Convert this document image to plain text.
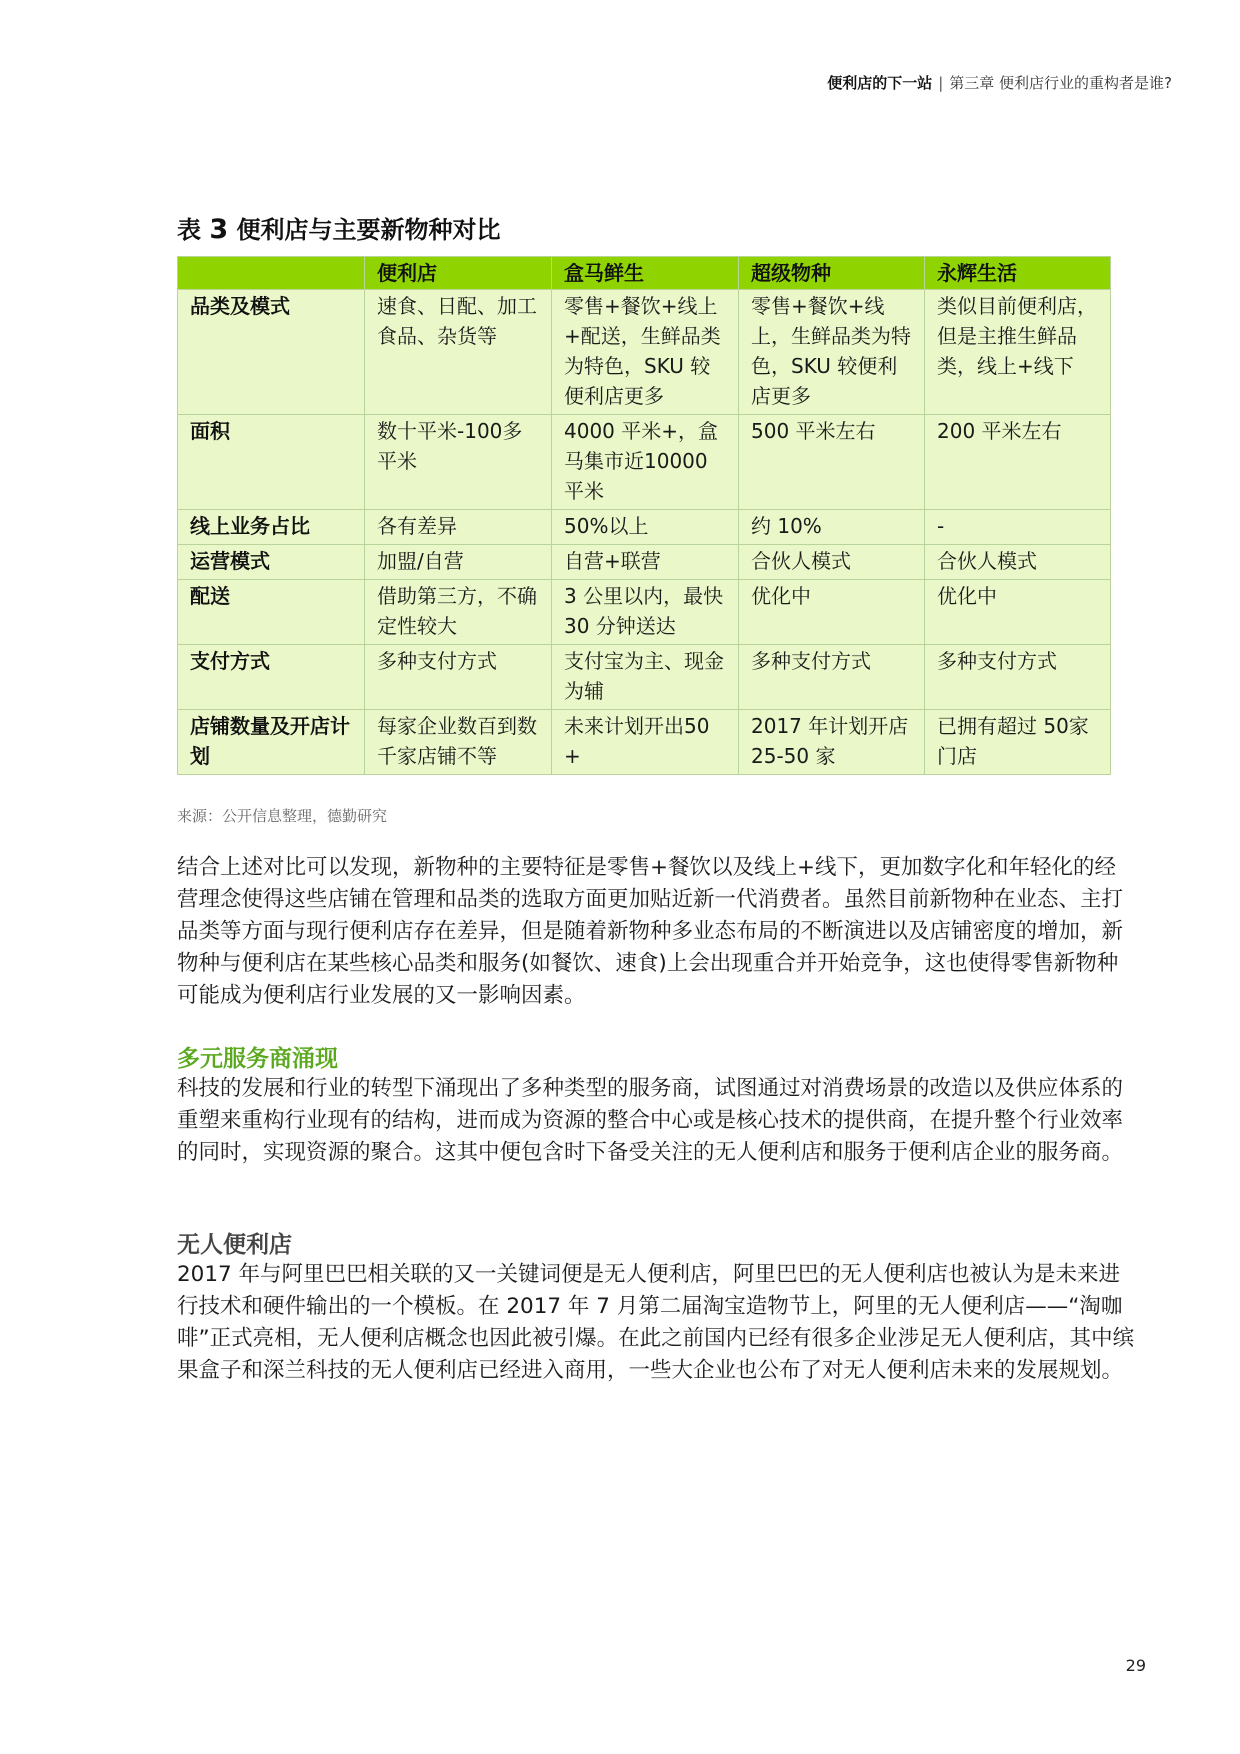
便利店的下一站 | 第三章 便利店行业的重构者是谁?
表 3 便利店与主要新物种对比
	便利店	盒马鲜生	超级物种	永辉生活
品类及模式	速食、日配、加工食品、杂货等	零售+餐饮+线上+配送，生鲜品类为特色，SKU 较便利店更多	零售+餐饮+线上，生鲜品类为特色，SKU 较便利店更多	类似目前便利店，但是主推生鲜品类，线上+线下
面积	数十平米-100多平米	4000 平米+，盒马集市近10000 平米	500 平米左右	200 平米左右
线上业务占比	各有差异	50%以上	约 10%	-
运营模式	加盟/自营	自营+联营	合伙人模式	合伙人模式
配送	借助第三方，不确定性较大	3 公里以内，最快 30 分钟送达	优化中	优化中
支付方式	多种支付方式	支付宝为主、现金为辅	多种支付方式	多种支付方式
店铺数量及开店计划	每家企业数百到数千家店铺不等	未来计划开出50+	2017 年计划开店 25-50 家	已拥有超过 50家门店
来源：公开信息整理，德勤研究

结合上述对比可以发现，新物种的主要特征是零售+餐饮以及线上+线下，更加数字化和年轻化的经营理念使得这些店铺在管理和品类的选取方面更加贴近新一代消费者。虽然目前新物种在业态、主打品类等方面与现行便利店存在差异，但是随着新物种多业态布局的不断演进以及店铺密度的增加，新物种与便利店在某些核心品类和服务(如餐饮、速食)上会出现重合并开始竞争，这也使得零售新物种可能成为便利店行业发展的又一影响因素。

多元服务商涌现

科技的发展和行业的转型下涌现出了多种类型的服务商，试图通过对消费场景的改造以及供应体系的重塑来重构行业现有的结构，进而成为资源的整合中心或是核心技术的提供商，在提升整个行业效率的同时，实现资源的聚合。这其中便包含时下备受关注的无人便利店和服务于便利店企业的服务商。

无人便利店

2017 年与阿里巴巴相关联的又一关键词便是无人便利店，阿里巴巴的无人便利店也被认为是未来进行技术和硬件输出的一个模板。在 2017 年 7 月第二届淘宝造物节上，阿里的无人便利店——“淘咖啡”正式亮相，无人便利店概念也因此被引爆。在此之前国内已经有很多企业涉足无人便利店，其中缤果盒子和深兰科技的无人便利店已经进入商用，一些大企业也公布了对无人便利店未来的发展规划。

29
